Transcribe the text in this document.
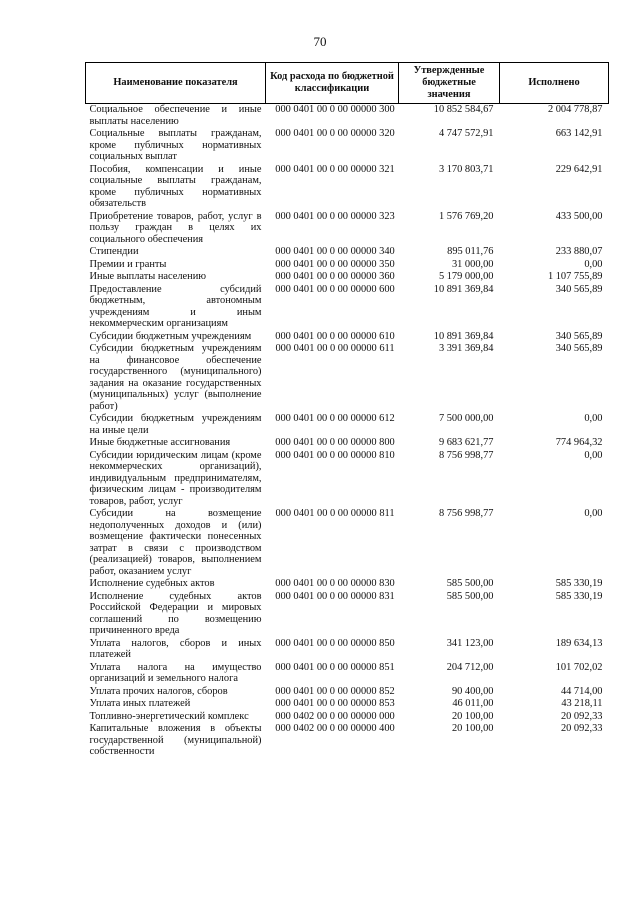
70
Наименование показателя	Код расхода по бюджетной классификации	Утвержденные бюджетные значения	Исполнено
Социальное обеспечение и иные выплаты населению	000 0401 00 0 00 00000 300	10 852 584,67	2 004 778,87
Социальные выплаты гражданам, кроме публичных нормативных социальных выплат	000 0401 00 0 00 00000 320	4 747 572,91	663 142,91
Пособия, компенсации и иные социальные выплаты гражданам, кроме публичных нормативных обязательств	000 0401 00 0 00 00000 321	3 170 803,71	229 642,91
Приобретение товаров, работ, услуг в пользу граждан в целях их социального обеспечения	000 0401 00 0 00 00000 323	1 576 769,20	433 500,00
Стипендии	000 0401 00 0 00 00000 340	895 011,76	233 880,07
Премии и гранты	000 0401 00 0 00 00000 350	31 000,00	0,00
Иные выплаты населению	000 0401 00 0 00 00000 360	5 179 000,00	1 107 755,89
Предоставление субсидий бюджетным, автономным учреждениям и иным некоммерческим организациям	000 0401 00 0 00 00000 600	10 891 369,84	340 565,89
Субсидии бюджетным учреждениям	000 0401 00 0 00 00000 610	10 891 369,84	340 565,89
Субсидии бюджетным учреждениям на финансовое обеспечение государственного (муниципального) задания на оказание государственных (муниципальных) услуг (выполнение работ)	000 0401 00 0 00 00000 611	3 391 369,84	340 565,89
Субсидии бюджетным учреждениям на иные цели	000 0401 00 0 00 00000 612	7 500 000,00	0,00
Иные бюджетные ассигнования	000 0401 00 0 00 00000 800	9 683 621,77	774 964,32
Субсидии юридическим лицам (кроме некоммерческих организаций), индивидуальным предпринимателям, физическим лицам - производителям товаров, работ, услуг	000 0401 00 0 00 00000 810	8 756 998,77	0,00
Субсидии на возмещение недополученных доходов и (или) возмещение фактически понесенных затрат в связи с производством (реализацией) товаров, выполнением работ, оказанием услуг	000 0401 00 0 00 00000 811	8 756 998,77	0,00
Исполнение судебных актов	000 0401 00 0 00 00000 830	585 500,00	585 330,19
Исполнение судебных актов Российской Федерации и мировых соглашений по возмещению причиненного вреда	000 0401 00 0 00 00000 831	585 500,00	585 330,19
Уплата налогов, сборов и иных платежей	000 0401 00 0 00 00000 850	341 123,00	189 634,13
Уплата налога на имущество организаций и земельного налога	000 0401 00 0 00 00000 851	204 712,00	101 702,02
Уплата прочих налогов, сборов	000 0401 00 0 00 00000 852	90 400,00	44 714,00
Уплата иных платежей	000 0401 00 0 00 00000 853	46 011,00	43 218,11
Топливно-энергетический комплекс	000 0402 00 0 00 00000 000	20 100,00	20 092,33
Капитальные вложения в объекты государственной (муниципальной) собственности	000 0402 00 0 00 00000 400	20 100,00	20 092,33
